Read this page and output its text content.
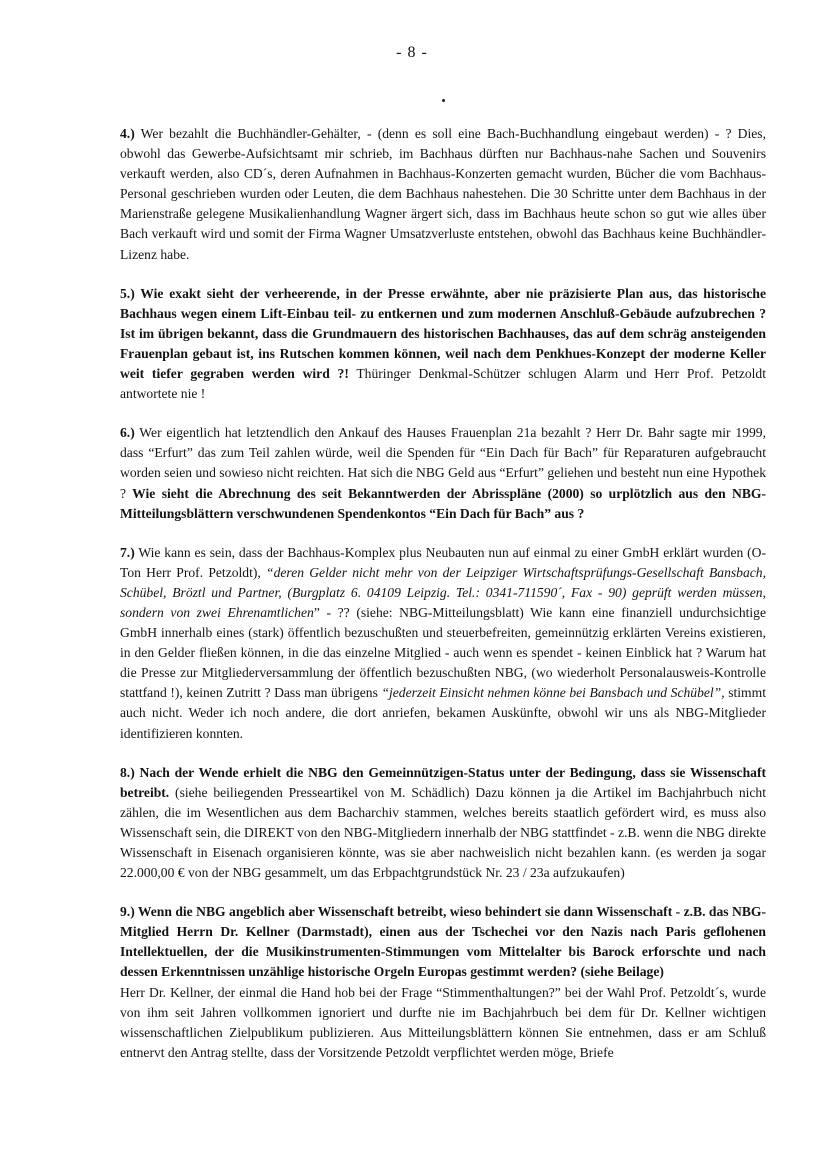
- 8 -

4.) Wer bezahlt die Buchhändler-Gehälter, - (denn es soll eine Bach-Buchhandlung eingebaut werden) - ? Dies, obwohl das Gewerbe-Aufsichtsamt mir schrieb, im Bachhaus dürften nur Bachhaus-nahe Sachen und Souvenirs verkauft werden, also CD´s, deren Aufnahmen in Bachhaus-Konzerten gemacht wurden, Bücher die vom Bachhaus-Personal geschrieben wurden oder Leuten, die dem Bachhaus nahestehen. Die 30 Schritte unter dem Bachhaus in der Marienstraße gelegene Musikalienhandlung Wagner ärgert sich, dass im Bachhaus heute schon so gut wie alles über Bach verkauft wird und somit der Firma Wagner Umsatzverluste entstehen, obwohl das Bachhaus keine Buchhändler-Lizenz habe.

5.) Wie exakt sieht der verheerende, in der Presse erwähnte, aber nie präzisierte Plan aus, das historische Bachhaus wegen einem Lift-Einbau teil- zu entkernen und zum modernen Anschluß-Gebäude aufzubrechen ? Ist im übrigen bekannt, dass die Grundmauern des historischen Bachhauses, das auf dem schräg ansteigenden Frauenplan gebaut ist, ins Rutschen kommen können, weil nach dem Penkhues-Konzept der moderne Keller weit tiefer gegraben werden wird ?! Thüringer Denkmal-Schützer schlugen Alarm und Herr Prof. Petzoldt antwortete nie !

6.) Wer eigentlich hat letztendlich den Ankauf des Hauses Frauenplan 21a bezahlt ? Herr Dr. Bahr sagte mir 1999, dass “Erfurt” das zum Teil zahlen würde, weil die Spenden für “Ein Dach für Bach” für Reparaturen aufgebraucht worden seien und sowieso nicht reichten. Hat sich die NBG Geld aus “Erfurt” geliehen und besteht nun eine Hypothek ? Wie sieht die Abrechnung des seit Bekanntwerden der Abrisspläne (2000) so urplötzlich aus den NBG-Mitteilungsblättern verschwundenen Spendenkontos “Ein Dach für Bach” aus ?

7.) Wie kann es sein, dass der Bachhaus-Komplex plus Neubauten nun auf einmal zu einer GmbH erklärt wurden (O-Ton Herr Prof. Petzoldt), “deren Gelder nicht mehr von der Leipziger Wirtschaftsprüfungs-Gesellschaft Bansbach, Schübel, Bröztl und Partner, (Burgplatz 6. 04109 Leipzig. Tel.: 0341-711590´, Fax - 90) geprüft werden müssen, sondern von zwei Ehrenamtlichen” - ?? (siehe: NBG-Mitteilungsblatt) Wie kann eine finanziell undurchsichtige GmbH innerhalb eines (stark) öffentlich bezuschußten und steuerbefreiten, gemeinnützig erklärten Vereins existieren, in den Gelder fließen können, in die das einzelne Mitglied - auch wenn es spendet - keinen Einblick hat ? Warum hat die Presse zur Mitgliederversammlung der öffentlich bezuschußten NBG, (wo wiederholt Personalausweis-Kontrolle stattfand !), keinen Zutritt ? Dass man übrigens “jederzeit Einsicht nehmen könne bei Bansbach und Schübel”, stimmt auch nicht. Weder ich noch andere, die dort anriefen, bekamen Auskünfte, obwohl wir uns als NBG-Mitglieder identifizieren konnten.

8.) Nach der Wende erhielt die NBG den Gemeinnützigen-Status unter der Bedingung, dass sie Wissenschaft betreibt. (siehe beiliegenden Presseartikel von M. Schädlich) Dazu können ja die Artikel im Bachjahrbuch nicht zählen, die im Wesentlichen aus dem Bacharchiv stammen, welches bereits staatlich gefördert wird, es muss also Wissenschaft sein, die DIREKT von den NBG-Mitgliedern innerhalb der NBG stattfindet - z.B. wenn die NBG direkte Wissenschaft in Eisenach organisieren könnte, was sie aber nachweislich nicht bezahlen kann. (es werden ja sogar 22.000,00 € von der NBG gesammelt, um das Erbpachtgrundstück Nr. 23 / 23a aufzukaufen)

9.) Wenn die NBG angeblich aber Wissenschaft betreibt, wieso behindert sie dann Wissenschaft - z.B. das NBG-Mitglied Herrn Dr. Kellner (Darmstadt), einen aus der Tschechei vor den Nazis nach Paris geflohenen Intellektuellen, der die Musikinstrumenten-Stimmungen vom Mittelalter bis Barock erforschte und nach dessen Erkenntnissen unzählige historische Orgeln Europas gestimmt werden? (siehe Beilage)
Herr Dr. Kellner, der einmal die Hand hob bei der Frage “Stimmenthaltungen?” bei der Wahl Prof. Petzoldt´s, wurde von ihm seit Jahren vollkommen ignoriert und durfte nie im Bachjahrbuch bei dem für Dr. Kellner wichtigen wissenschaftlichen Zielpublikum publizieren. Aus Mitteilungsblättern können Sie entnehmen, dass er am Schluß entnervt den Antrag stellte, dass der Vorsitzende Petzoldt verpflichtet werden möge, Briefe
